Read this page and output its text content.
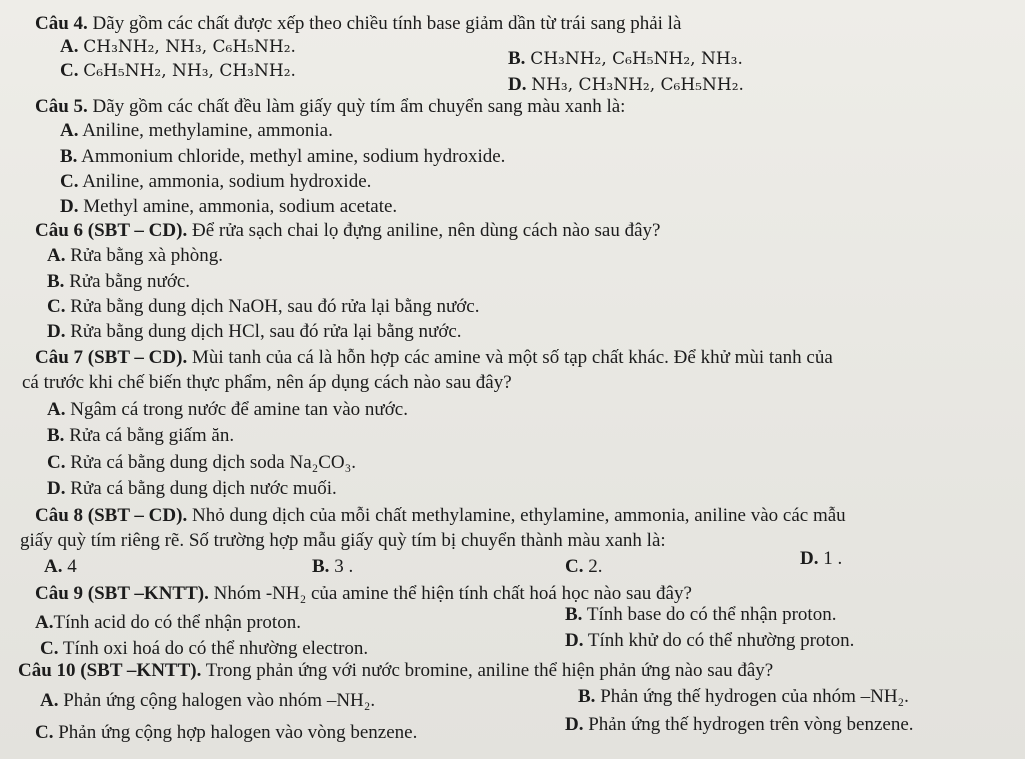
Câu 4. Dãy gồm các chất được xếp theo chiều tính base giảm dần từ trái sang phải là
A. CH₃NH₂, NH₃, C₆H₅NH₂.
B. CH₃NH₂, C₆H₅NH₂, NH₃.
C. C₆H₅NH₂, NH₃, CH₃NH₂.
D. NH₃, CH₃NH₂, C₆H₅NH₂.
Câu 5. Dãy gồm các chất đều làm giấy quỳ tím ẩm chuyển sang màu xanh là:
A. Aniline, methylamine, ammonia.
B. Ammonium chloride, methyl amine, sodium hydroxide.
C. Aniline, ammonia, sodium hydroxide.
D. Methyl amine, ammonia, sodium acetate.
Câu 6 (SBT – CD). Để rửa sạch chai lọ đựng aniline, nên dùng cách nào sau đây?
A. Rửa bằng xà phòng.
B. Rửa bằng nước.
C. Rửa bằng dung dịch NaOH, sau đó rửa lại bằng nước.
D. Rửa bằng dung dịch HCl, sau đó rửa lại bằng nước.
Câu 7 (SBT – CD). Mùi tanh của cá là hỗn hợp các amine và một số tạp chất khác. Để khử mùi tanh của
cá trước khi chế biến thực phẩm, nên áp dụng cách nào sau đây?
A. Ngâm cá trong nước để amine tan vào nước.
B. Rửa cá bằng giấm ăn.
C. Rửa cá bằng dung dịch soda Na₂CO₃.
D. Rửa cá bằng dung dịch nước muối.
Câu 8 (SBT – CD). Nhỏ dung dịch của mỗi chất methylamine, ethylamine, ammonia, aniline vào các mẫu
giấy quỳ tím riêng rẽ. Số trường hợp mẫu giấy quỳ tím bị chuyển thành màu xanh là:
A. 4	B. 3 .	C. 2.	D. 1 .
Câu 9 (SBT –KNTT). Nhóm -NH₂ của amine thể hiện tính chất hoá học nào sau đây?
A.Tính acid do có thể nhận proton.	B. Tính base do có thể nhận proton.
C. Tính oxi hoá do có thể nhường electron.	D. Tính khử do có thể nhường proton.
Câu 10 (SBT –KNTT). Trong phản ứng với nước bromine, aniline thể hiện phản ứng nào sau đây?
A. Phản ứng cộng halogen vào nhóm –NH₂.	B. Phản ứng thế hydrogen của nhóm –NH₂.
C. Phản ứng cộng hợp halogen vào vòng benzene.	D. Phản ứng thế hydrogen trên vòng benzene.
